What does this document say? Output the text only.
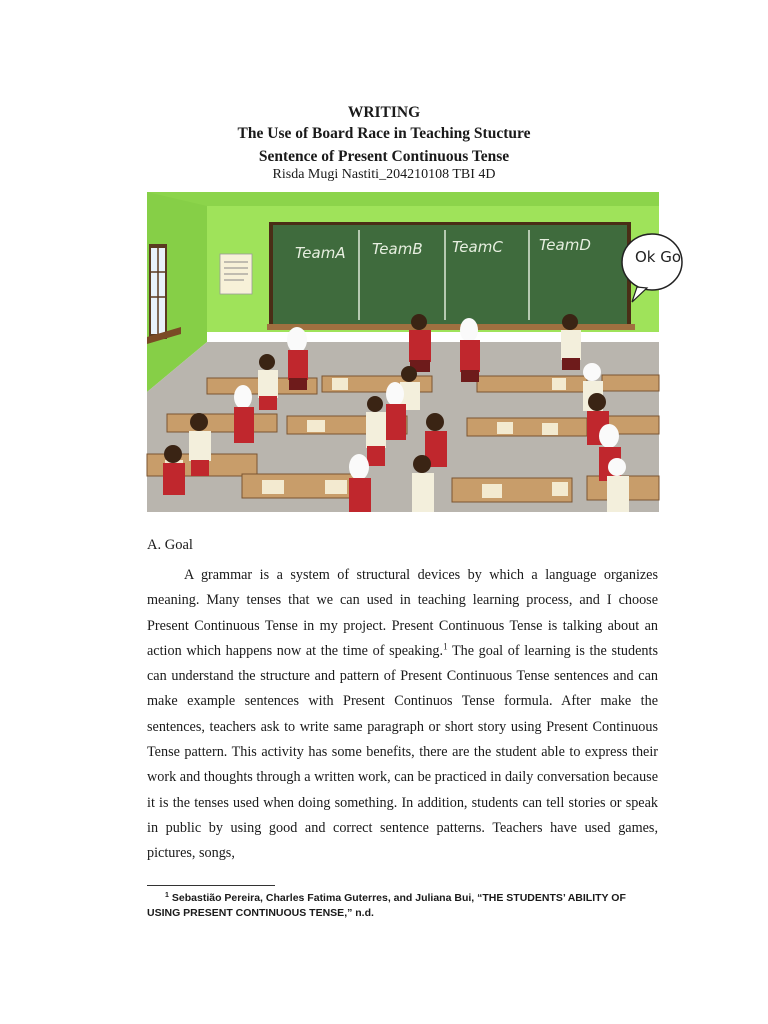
WRITING
The Use of Board Race in Teaching Stucture
Sentence of Present Continuous Tense
Risda Mugi Nastiti_204210108 TBI 4D
TeamA TeamB TeamC TeamD
Ok Go
A. Goal

A grammar is a system of structural devices by which a language organizes meaning. Many tenses that we can used in teaching learning process, and I choose Present Continuous Tense in my project. Present Continuous Tense is talking about an action which happens now at the time of speaking.$^1$ The goal of learning is the students can understand the structure and pattern of Present Continuous Tense sentences and can make example sentences with Present Continuos Tense formula. After make the sentences, teachers ask to write same paragraph or short story using Present Continuous Tense pattern. This activity has some benefits, there are the student able to express their work and thoughts through a written work, can be practiced in daily conversation because it is the tenses used when doing something. In addition, students can tell stories or speak in public by using good and correct sentence patterns. Teachers have used games, pictures, songs,

$^1$ Sebastião Pereira, Charles Fatima Guterres, and Juliana Bui, “THE STUDENTS’ ABILITY OF USING PRESENT CONTINUOUS TENSE,” n.d.
